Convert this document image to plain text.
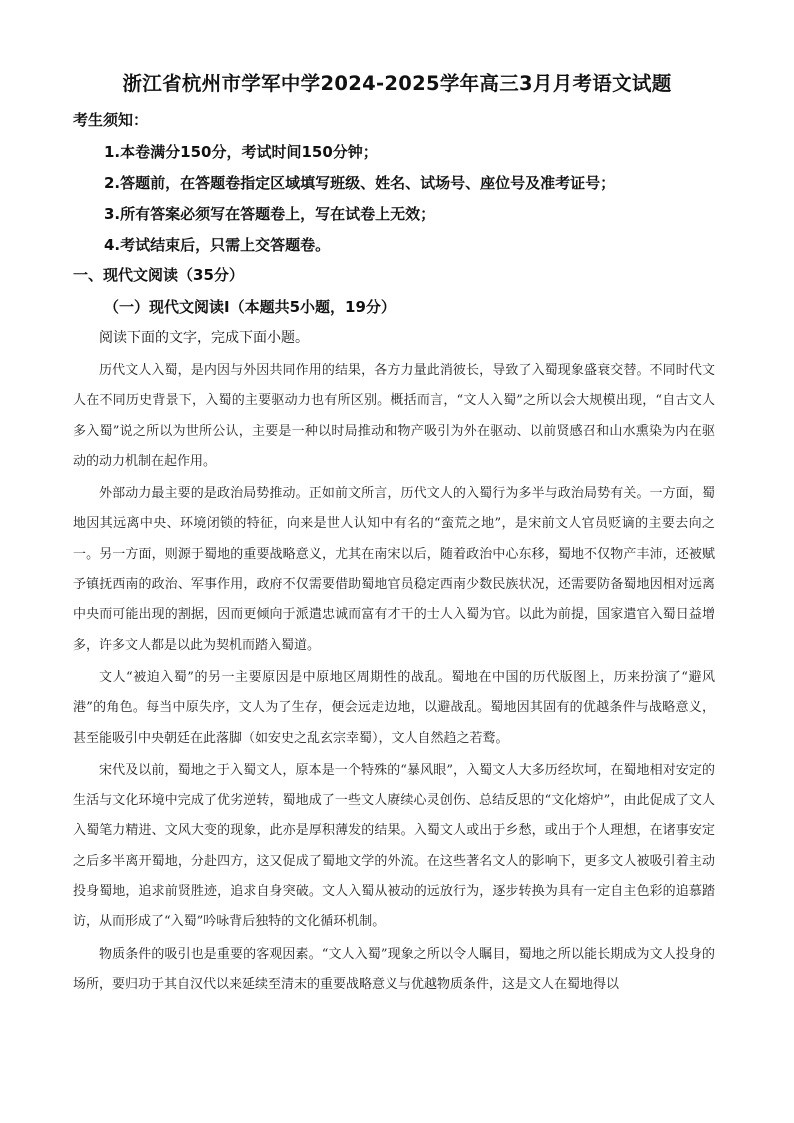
浙江省杭州市学军中学2024-2025学年高三3月月考语文试题
考生须知：
1.本卷满分150分，考试时间150分钟；
2.答题前，在答题卷指定区域填写班级、姓名、试场号、座位号及准考证号；
3.所有答案必须写在答题卷上，写在试卷上无效；
4.考试结束后，只需上交答题卷。
一、现代文阅读（35分）
（一）现代文阅读Ⅰ（本题共5小题，19分）
阅读下面的文字，完成下面小题。

历代文人入蜀，是内因与外因共同作用的结果，各方力量此消彼长，导致了入蜀现象盛衰交替。不同时代文人在不同历史背景下，入蜀的主要驱动力也有所区别。概括而言，“文人入蜀”之所以会大规模出现，“自古文人多入蜀”说之所以为世所公认，主要是一种以时局推动和物产吸引为外在驱动、以前贤感召和山水熏染为内在驱动的动力机制在起作用。

外部动力最主要的是政治局势推动。正如前文所言，历代文人的入蜀行为多半与政治局势有关。一方面，蜀地因其远离中央、环境闭锁的特征，向来是世人认知中有名的“蛮荒之地”，是宋前文人官员贬谪的主要去向之一。另一方面，则源于蜀地的重要战略意义，尤其在南宋以后，随着政治中心东移，蜀地不仅物产丰沛，还被赋予镇抚西南的政治、军事作用，政府不仅需要借助蜀地官员稳定西南少数民族状况，还需要防备蜀地因相对远离中央而可能出现的割据，因而更倾向于派遣忠诚而富有才干的士人入蜀为官。以此为前提，国家遣官入蜀日益增多，许多文人都是以此为契机而踏入蜀道。

文人“被迫入蜀”的另一主要原因是中原地区周期性的战乱。蜀地在中国的历代版图上，历来扮演了“避风港”的角色。每当中原失序，文人为了生存，便会远走边地，以避战乱。蜀地因其固有的优越条件与战略意义，甚至能吸引中央朝廷在此落脚（如安史之乱玄宗幸蜀），文人自然趋之若鹜。

宋代及以前，蜀地之于入蜀文人，原本是一个特殊的“暴风眼”，入蜀文人大多历经坎坷，在蜀地相对安定的生活与文化环境中完成了优劣逆转，蜀地成了一些文人赓续心灵创伤、总结反思的“文化熔炉”，由此促成了文人入蜀笔力精进、文风大变的现象，此亦是厚积薄发的结果。入蜀文人或出于乡愁，或出于个人理想，在诸事安定之后多半离开蜀地，分赴四方，这又促成了蜀地文学的外流。在这些著名文人的影响下，更多文人被吸引着主动投身蜀地，追求前贤胜迹，追求自身突破。文人入蜀从被动的远放行为，逐步转换为具有一定自主色彩的追慕踏访，从而形成了“入蜀”吟咏背后独特的文化循环机制。

物质条件的吸引也是重要的客观因素。“文人入蜀”现象之所以令人瞩目，蜀地之所以能长期成为文人投身的场所，要归功于其自汉代以来延续至清末的重要战略意义与优越物质条件，这是文人在蜀地得以
